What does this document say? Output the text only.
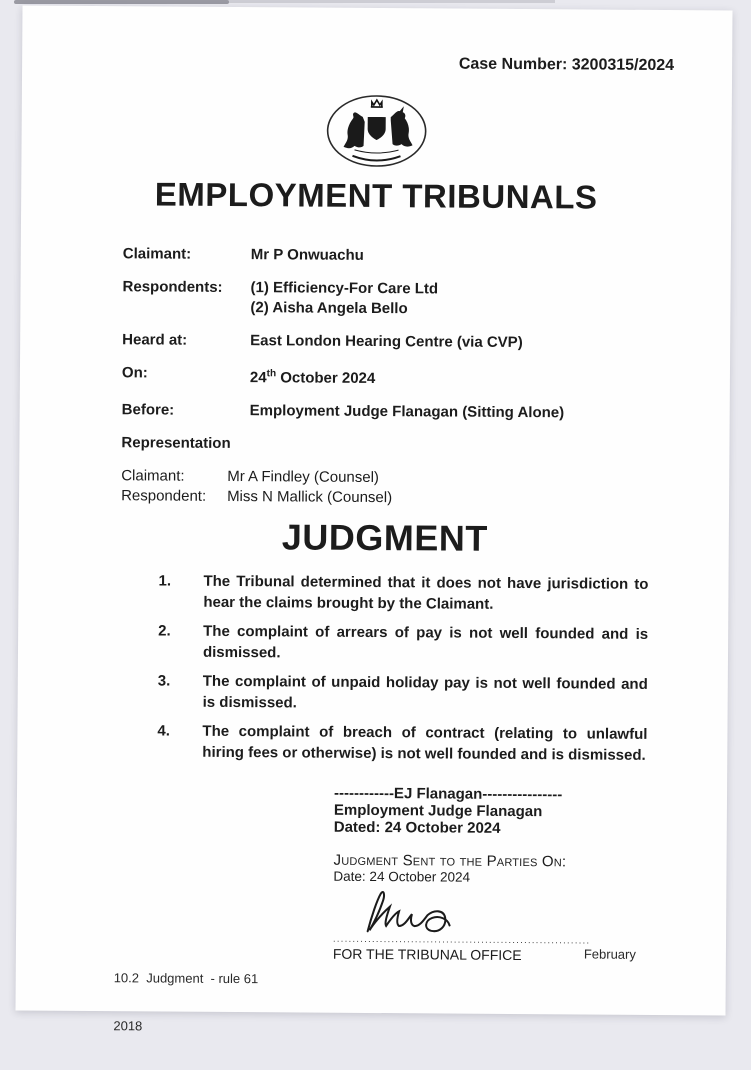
Case Number: 3200315/2024
EMPLOYMENT TRIBUNALS
Claimant:	Mr P Onwuachu
Respondents:	(1) Efficiency-For Care Ltd
(2) Aisha Angela Bello
Heard at:	East London Hearing Centre (via CVP)
On:	24th October 2024
Before:	Employment Judge Flanagan (Sitting Alone)
Representation
Claimant:	Mr A Findley (Counsel)
Respondent:	Miss N Mallick (Counsel)
JUDGMENT
1.	The Tribunal determined that it does not have jurisdiction to hear the claims brought by the Claimant.
2.	The complaint of arrears of pay is not well founded and is dismissed.
3.	The complaint of unpaid holiday pay is not well founded and is dismissed.
4.	The complaint of breach of contract (relating to unlawful hiring fees or otherwise) is not well founded and is dismissed.
------------EJ Flanagan----------------
Employment Judge Flanagan
Dated: 24 October 2024
Judgment Sent to the Parties On:
Date: 24 October 2024
..................................................................
FOR THE TRIBUNAL OFFICE

10.2  Judgment  - rule 61

2018

February
